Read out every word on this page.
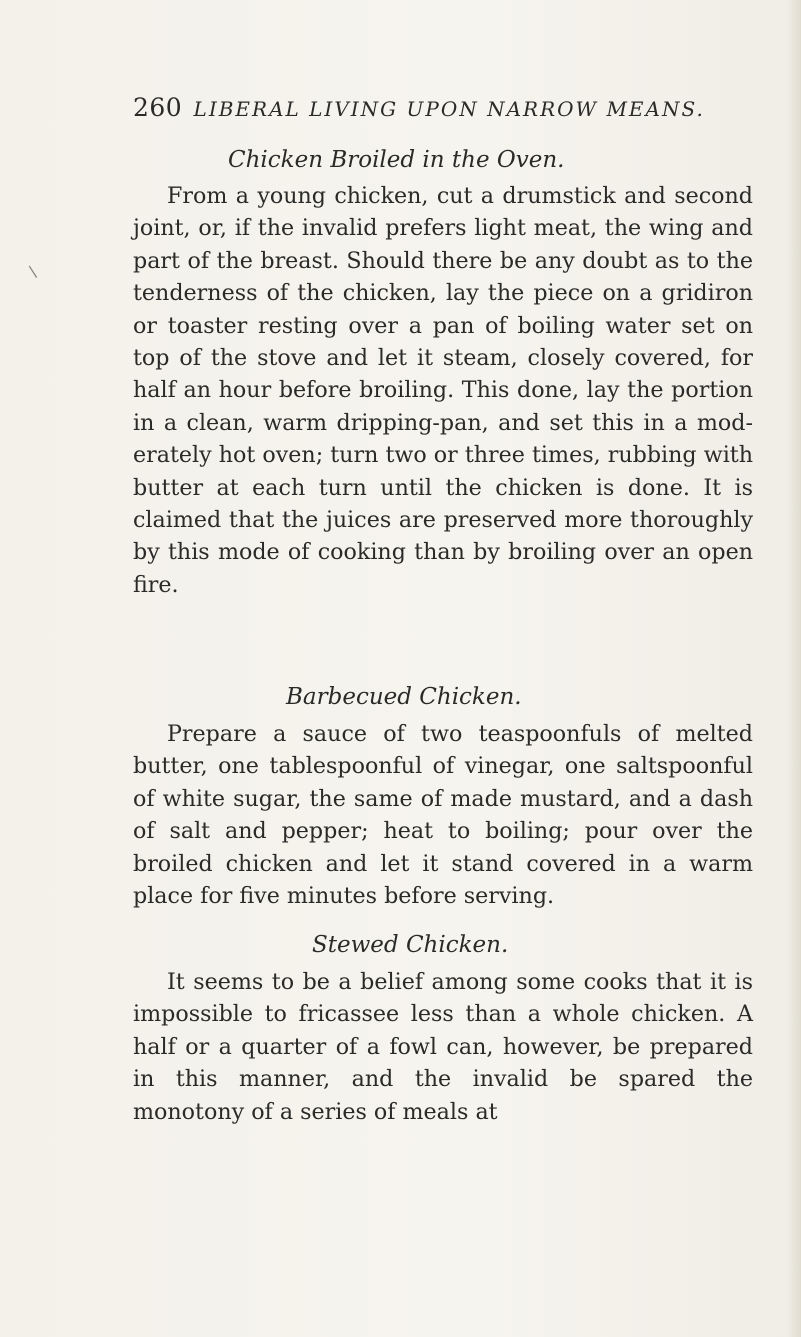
260 LIBERAL LIVING UPON NARROW MEANS.
Chicken Broiled in the Oven.
From a young chicken, cut a drumstick and second joint, or, if the invalid prefers light meat, the wing and part of the breast. Should there be any doubt as to the tenderness of the chicken, lay the piece on a gridiron or toaster resting over a pan of boiling water set on top of the stove and let it steam, closely covered, for half an hour before broiling. This done, lay the portion in a clean, warm dripping-pan, and set this in a moderately hot oven; turn two or three times, rubbing with butter at each turn until the chicken is done. It is claimed that the juices are preserved more thoroughly by this mode of cooking than by broiling over an open fire.
Barbecued Chicken.
Prepare a sauce of two teaspoonfuls of melted butter, one tablespoonful of vinegar, one saltspoonful of white sugar, the same of made mustard, and a dash of salt and pepper; heat to boiling; pour over the broiled chicken and let it stand covered in a warm place for five minutes before serving.
Stewed Chicken.
It seems to be a belief among some cooks that it is impossible to fricassee less than a whole chicken. A half or a quarter of a fowl can, however, be prepared in this manner, and the invalid be spared the monotony of a series of meals at
/
